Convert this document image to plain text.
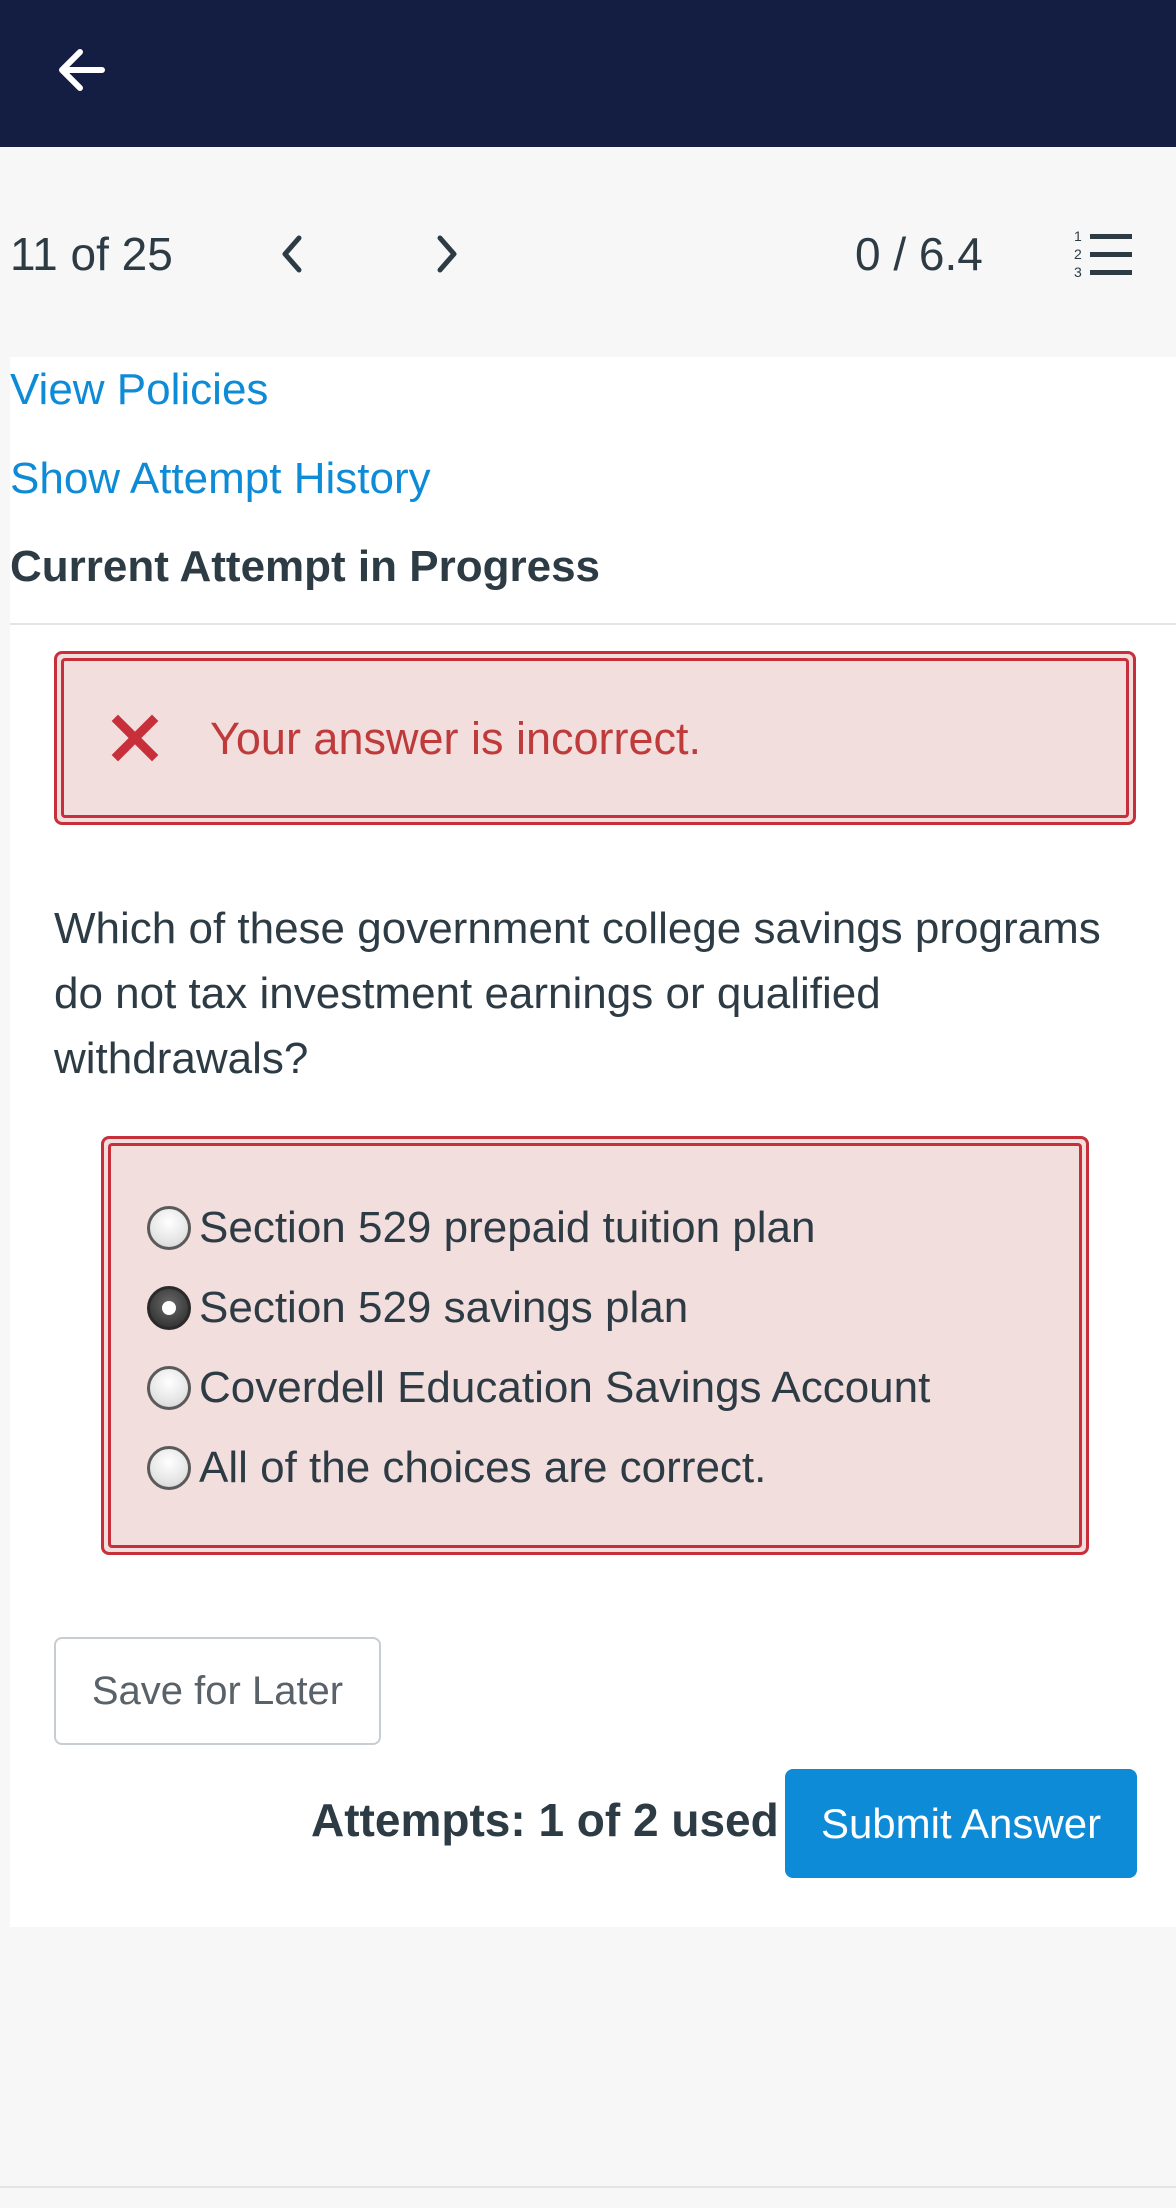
11 of 25	0 / 6.4	1
2
3
View Policies
Show Attempt History
Current Attempt in Progress
Your answer is incorrect.
Which of these government college savings programs do not tax investment earnings or qualified withdrawals?
Section 529 prepaid tuition plan
Section 529 savings plan
Coverdell Education Savings Account
All of the choices are correct.
Save for Later
Attempts: 1 of 2 used	Submit Answer
